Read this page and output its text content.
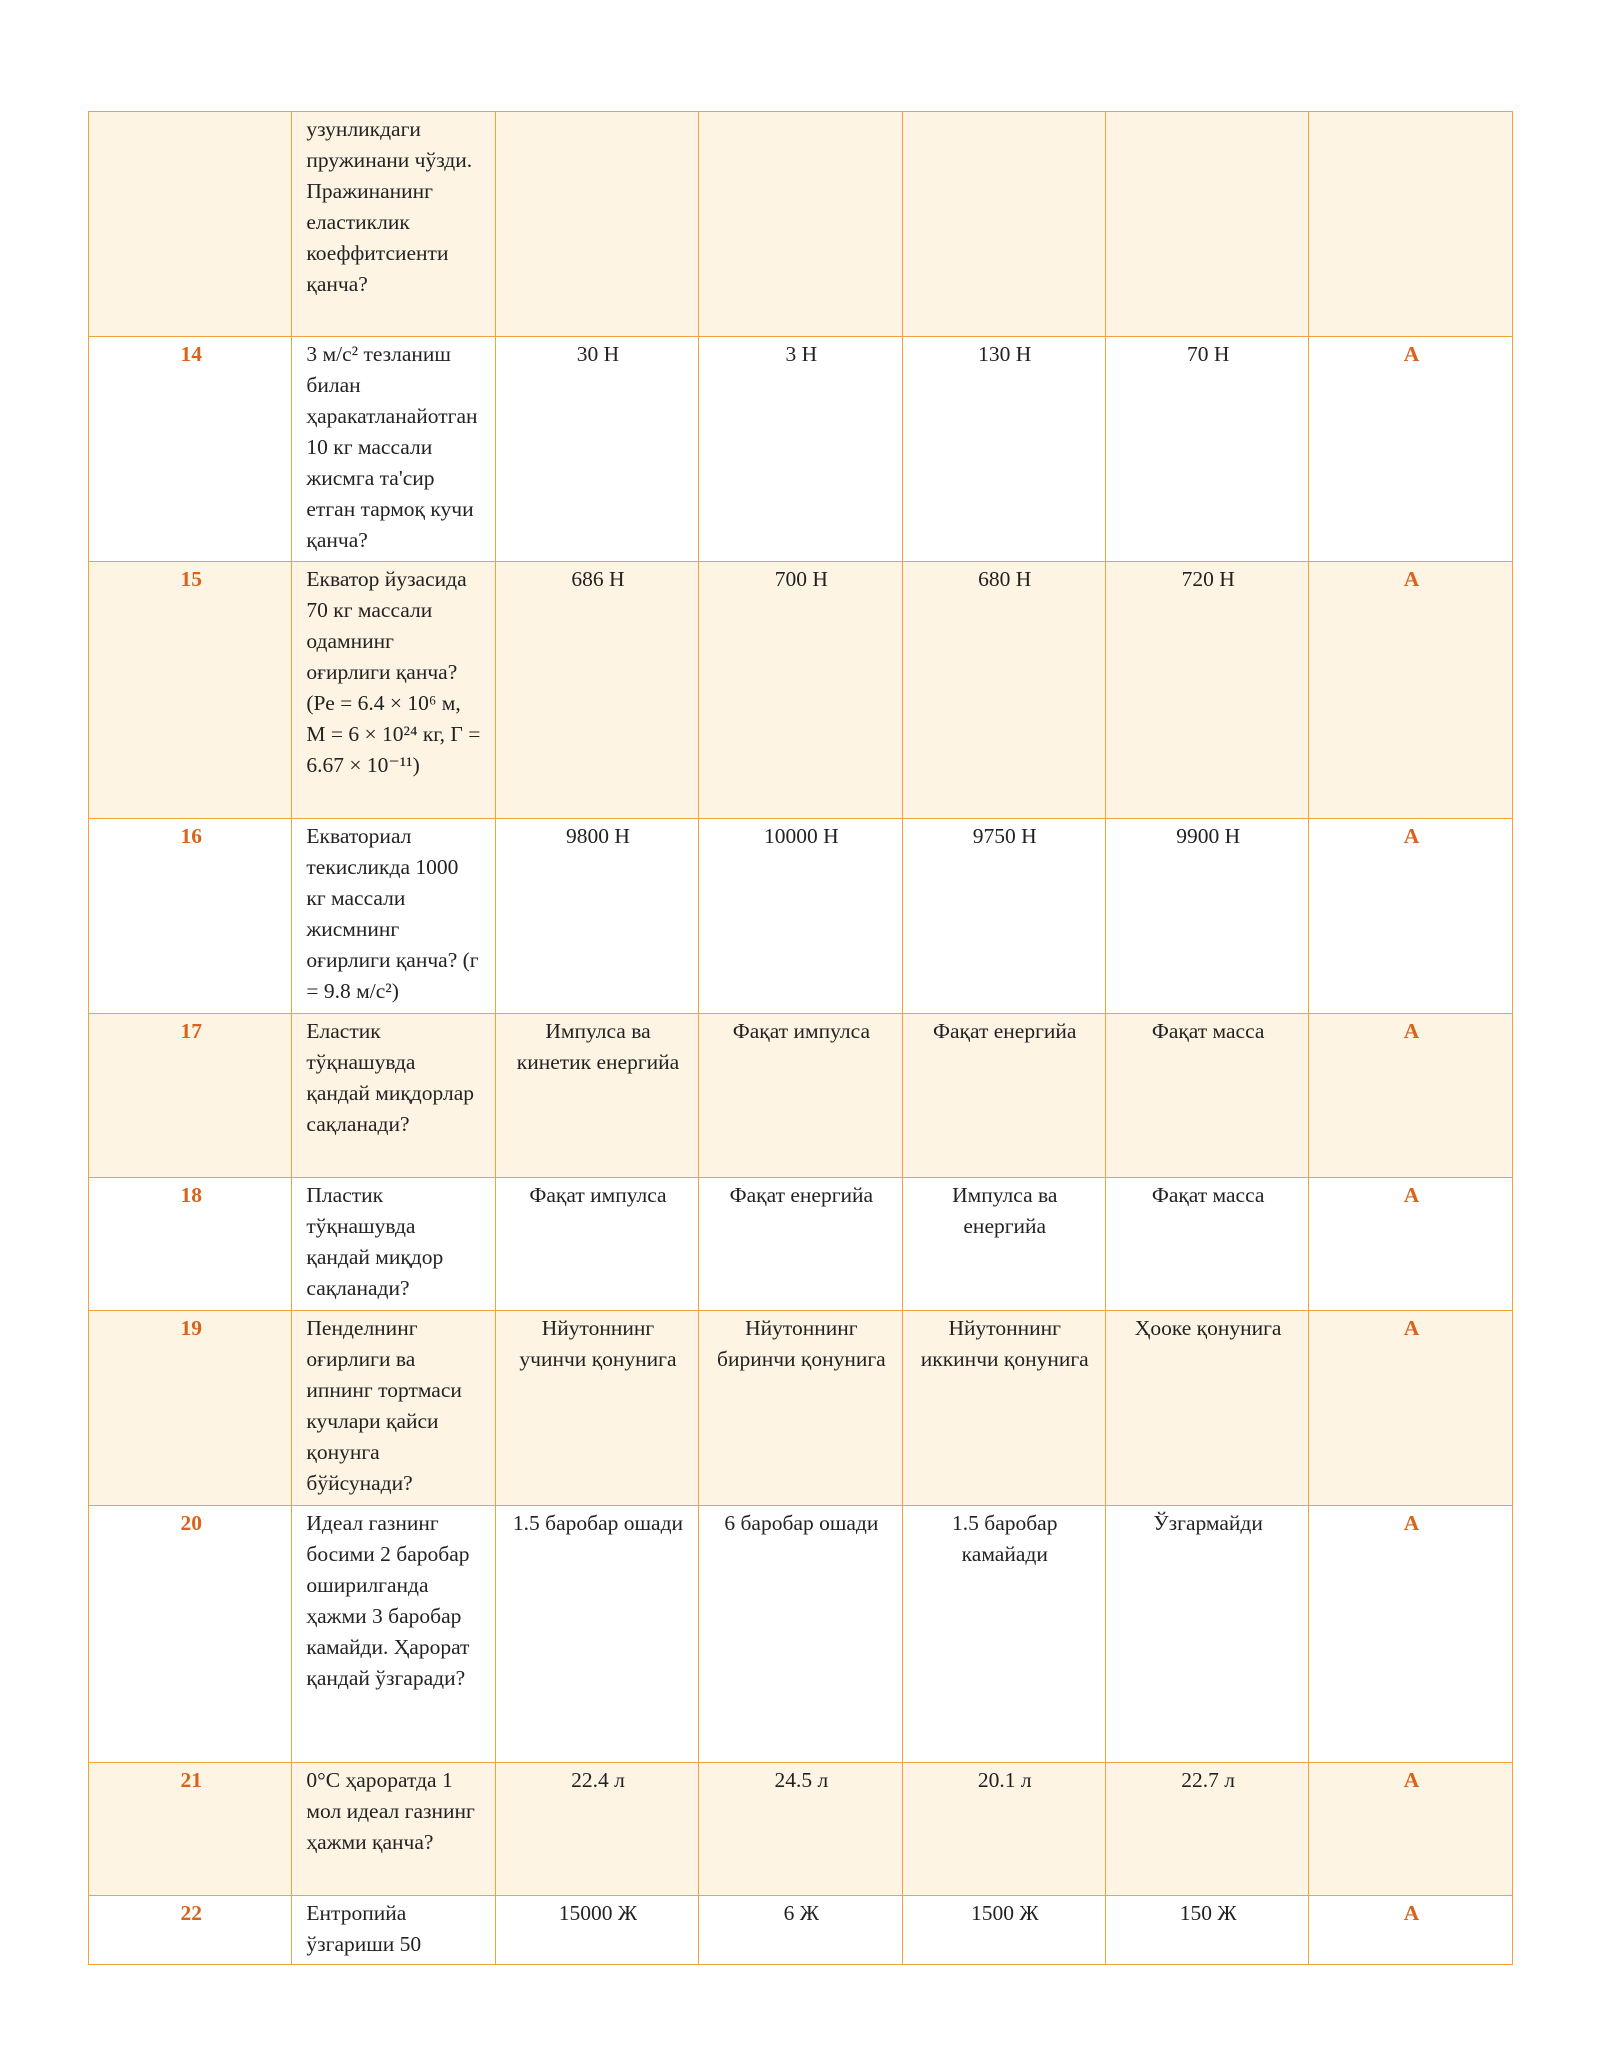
	узунликдаги пружинани чўзди. Пражинанинг еластиклик коеффитсиенти қанча?					
14	3 м/с² тезланиш билан ҳаракатланайотган 10 кг массали жисмга та'сир етган тармоқ кучи қанча?	30 Н	3 Н	130 Н	70 Н	А
15	Екватор йузасида 70 кг массали одамнинг оғирлиги қанча? (Ре = 6.4 × 10⁶ м, М = 6 × 10²⁴ кг, Г = 6.67 × 10⁻¹¹)	686 Н	700 Н	680 Н	720 Н	А
16	Екваториал текисликда 1000 кг массали жисмнинг оғирлиги қанча? (г = 9.8 м/с²)	9800 Н	10000 Н	9750 Н	9900 Н	А
17	Еластик тўқнашувда қандай миқдорлар сақланади?	Импулса ва кинетик енергийа	Фақат импулса	Фақат енергийа	Фақат масса	А
18	Пластик тўқнашувда қандай миқдор сақланади?	Фақат импулса	Фақат енергийа	Импулса ва енергийа	Фақат масса	А
19	Пенделнинг оғирлиги ва ипнинг тортмаси кучлари қайси қонунга бўйсунади?	Нйутоннинг учинчи қонунига	Нйутоннинг биринчи қонунига	Нйутоннинг иккинчи қонунига	Ҳооке қонунига	А
20	Идеал газнинг босими 2 баробар оширилганда ҳажми 3 баробар камайди. Ҳарорат қандай ўзгаради?	1.5 баробар ошади	6 баробар ошади	1.5 баробар камайади	Ўзгармайди	А
21	0°С ҳароратда 1 мол идеал газнинг ҳажми қанча?	22.4 л	24.5 л	20.1 л	22.7 л	А
22	Ентропийа ўзгариши 50	15000 Ж	6 Ж	1500 Ж	150 Ж	А
